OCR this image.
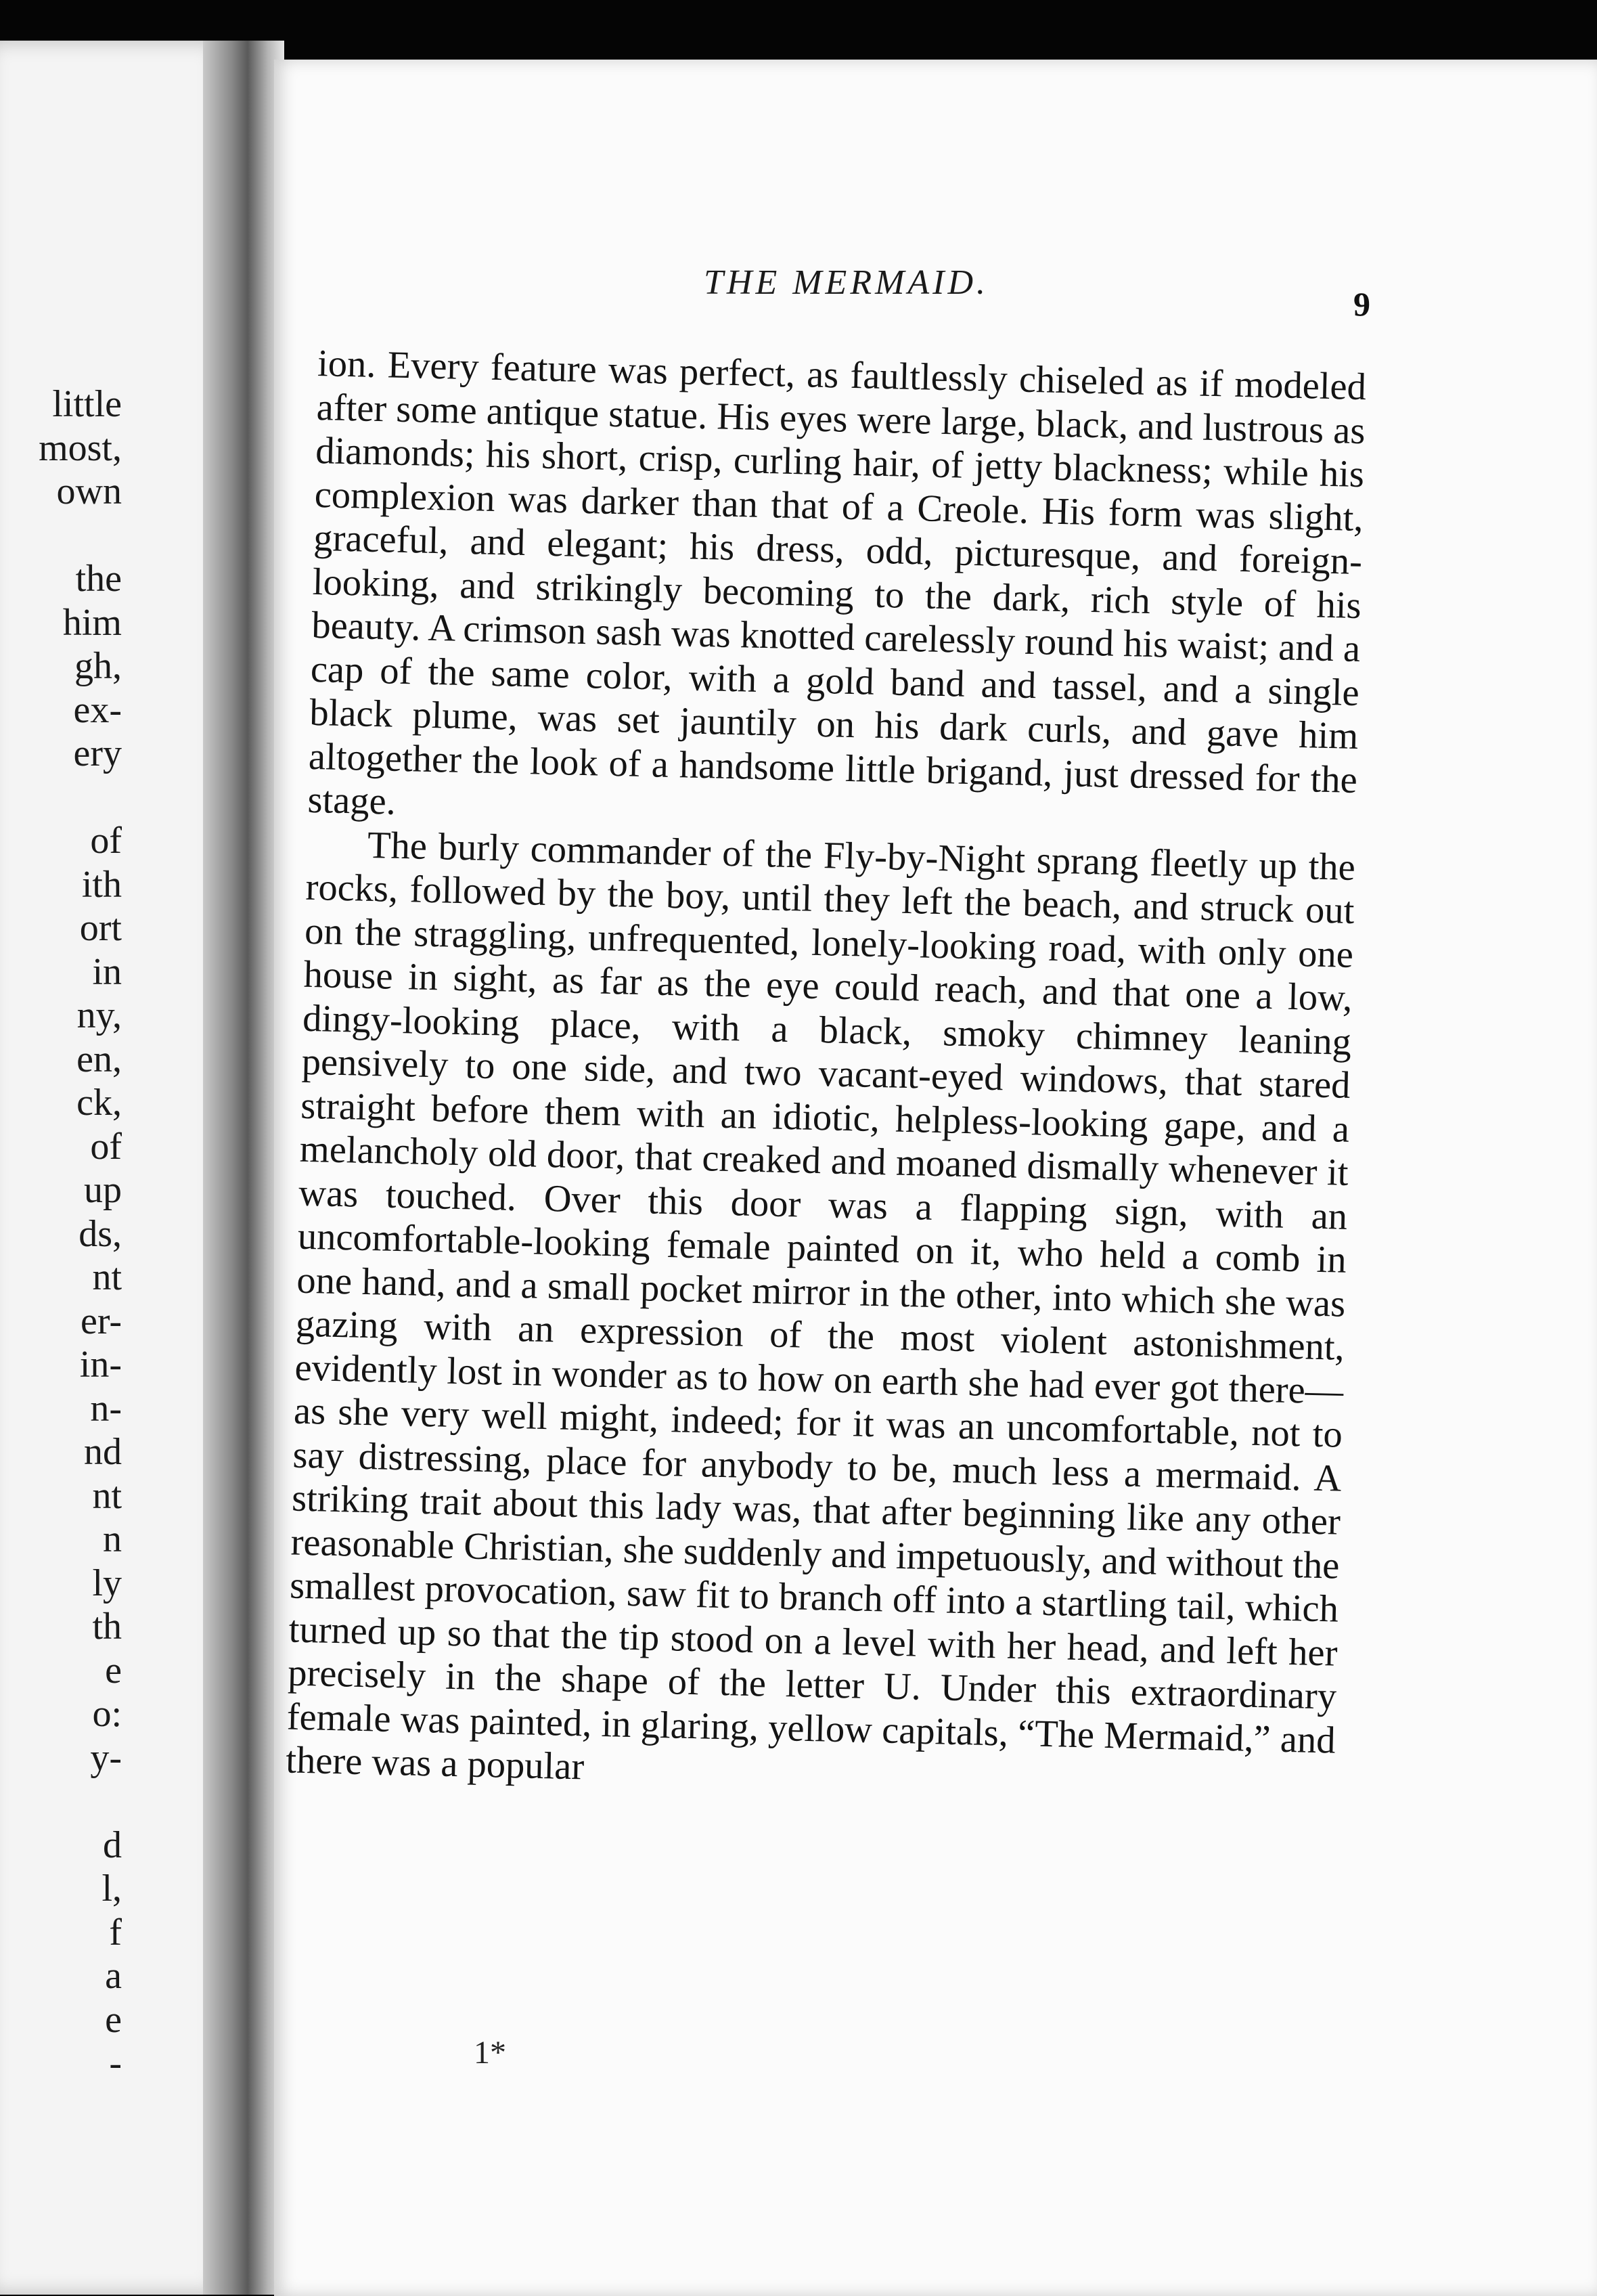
little
most,
own
the
him
gh,
ex-
ery
of
ith
ort
in
ny,
en,
ck,
of
up
ds,
nt
er-
in-
n-
nd
nt
n
ly
th
e
o:
y-
d
l,
f
a
e
-
THE MERMAID.
9

ion. Every feature was perfect, as faultlessly chiseled as if modeled after some antique statue. His eyes were large, black, and lustrous as diamonds; his short, crisp, curling hair, of jetty blackness; while his complexion was darker than that of a Creole. His form was slight, graceful, and elegant; his dress, odd, picturesque, and foreign-looking, and strikingly becoming to the dark, rich style of his beauty. A crimson sash was knotted carelessly round his waist; and a cap of the same color, with a gold band and tassel, and a single black plume, was set jauntily on his dark curls, and gave him altogether the look of a handsome little brigand, just dressed for the stage.

The burly commander of the Fly-by-Night sprang fleetly up the rocks, followed by the boy, until they left the beach, and struck out on the straggling, unfrequented, lonely-looking road, with only one house in sight, as far as the eye could reach, and that one a low, dingy-looking place, with a black, smoky chimney leaning pensively to one side, and two vacant-eyed windows, that stared straight before them with an idiotic, helpless-looking gape, and a melancholy old door, that creaked and moaned dismally whenever it was touched. Over this door was a flapping sign, with an uncomfortable-looking female painted on it, who held a comb in one hand, and a small pocket mirror in the other, into which she was gazing with an expression of the most violent astonishment, evidently lost in wonder as to how on earth she had ever got there—as she very well might, indeed; for it was an uncomfortable, not to say distressing, place for anybody to be, much less a mermaid. A striking trait about this lady was, that after beginning like any other reasonable Christian, she suddenly and impetuously, and without the smallest provocation, saw fit to branch off into a startling tail, which turned up so that the tip stood on a level with her head, and left her precisely in the shape of the letter U. Under this extraordinary female was painted, in glaring, yellow capitals, “The Mermaid,” and there was a popular

1*
